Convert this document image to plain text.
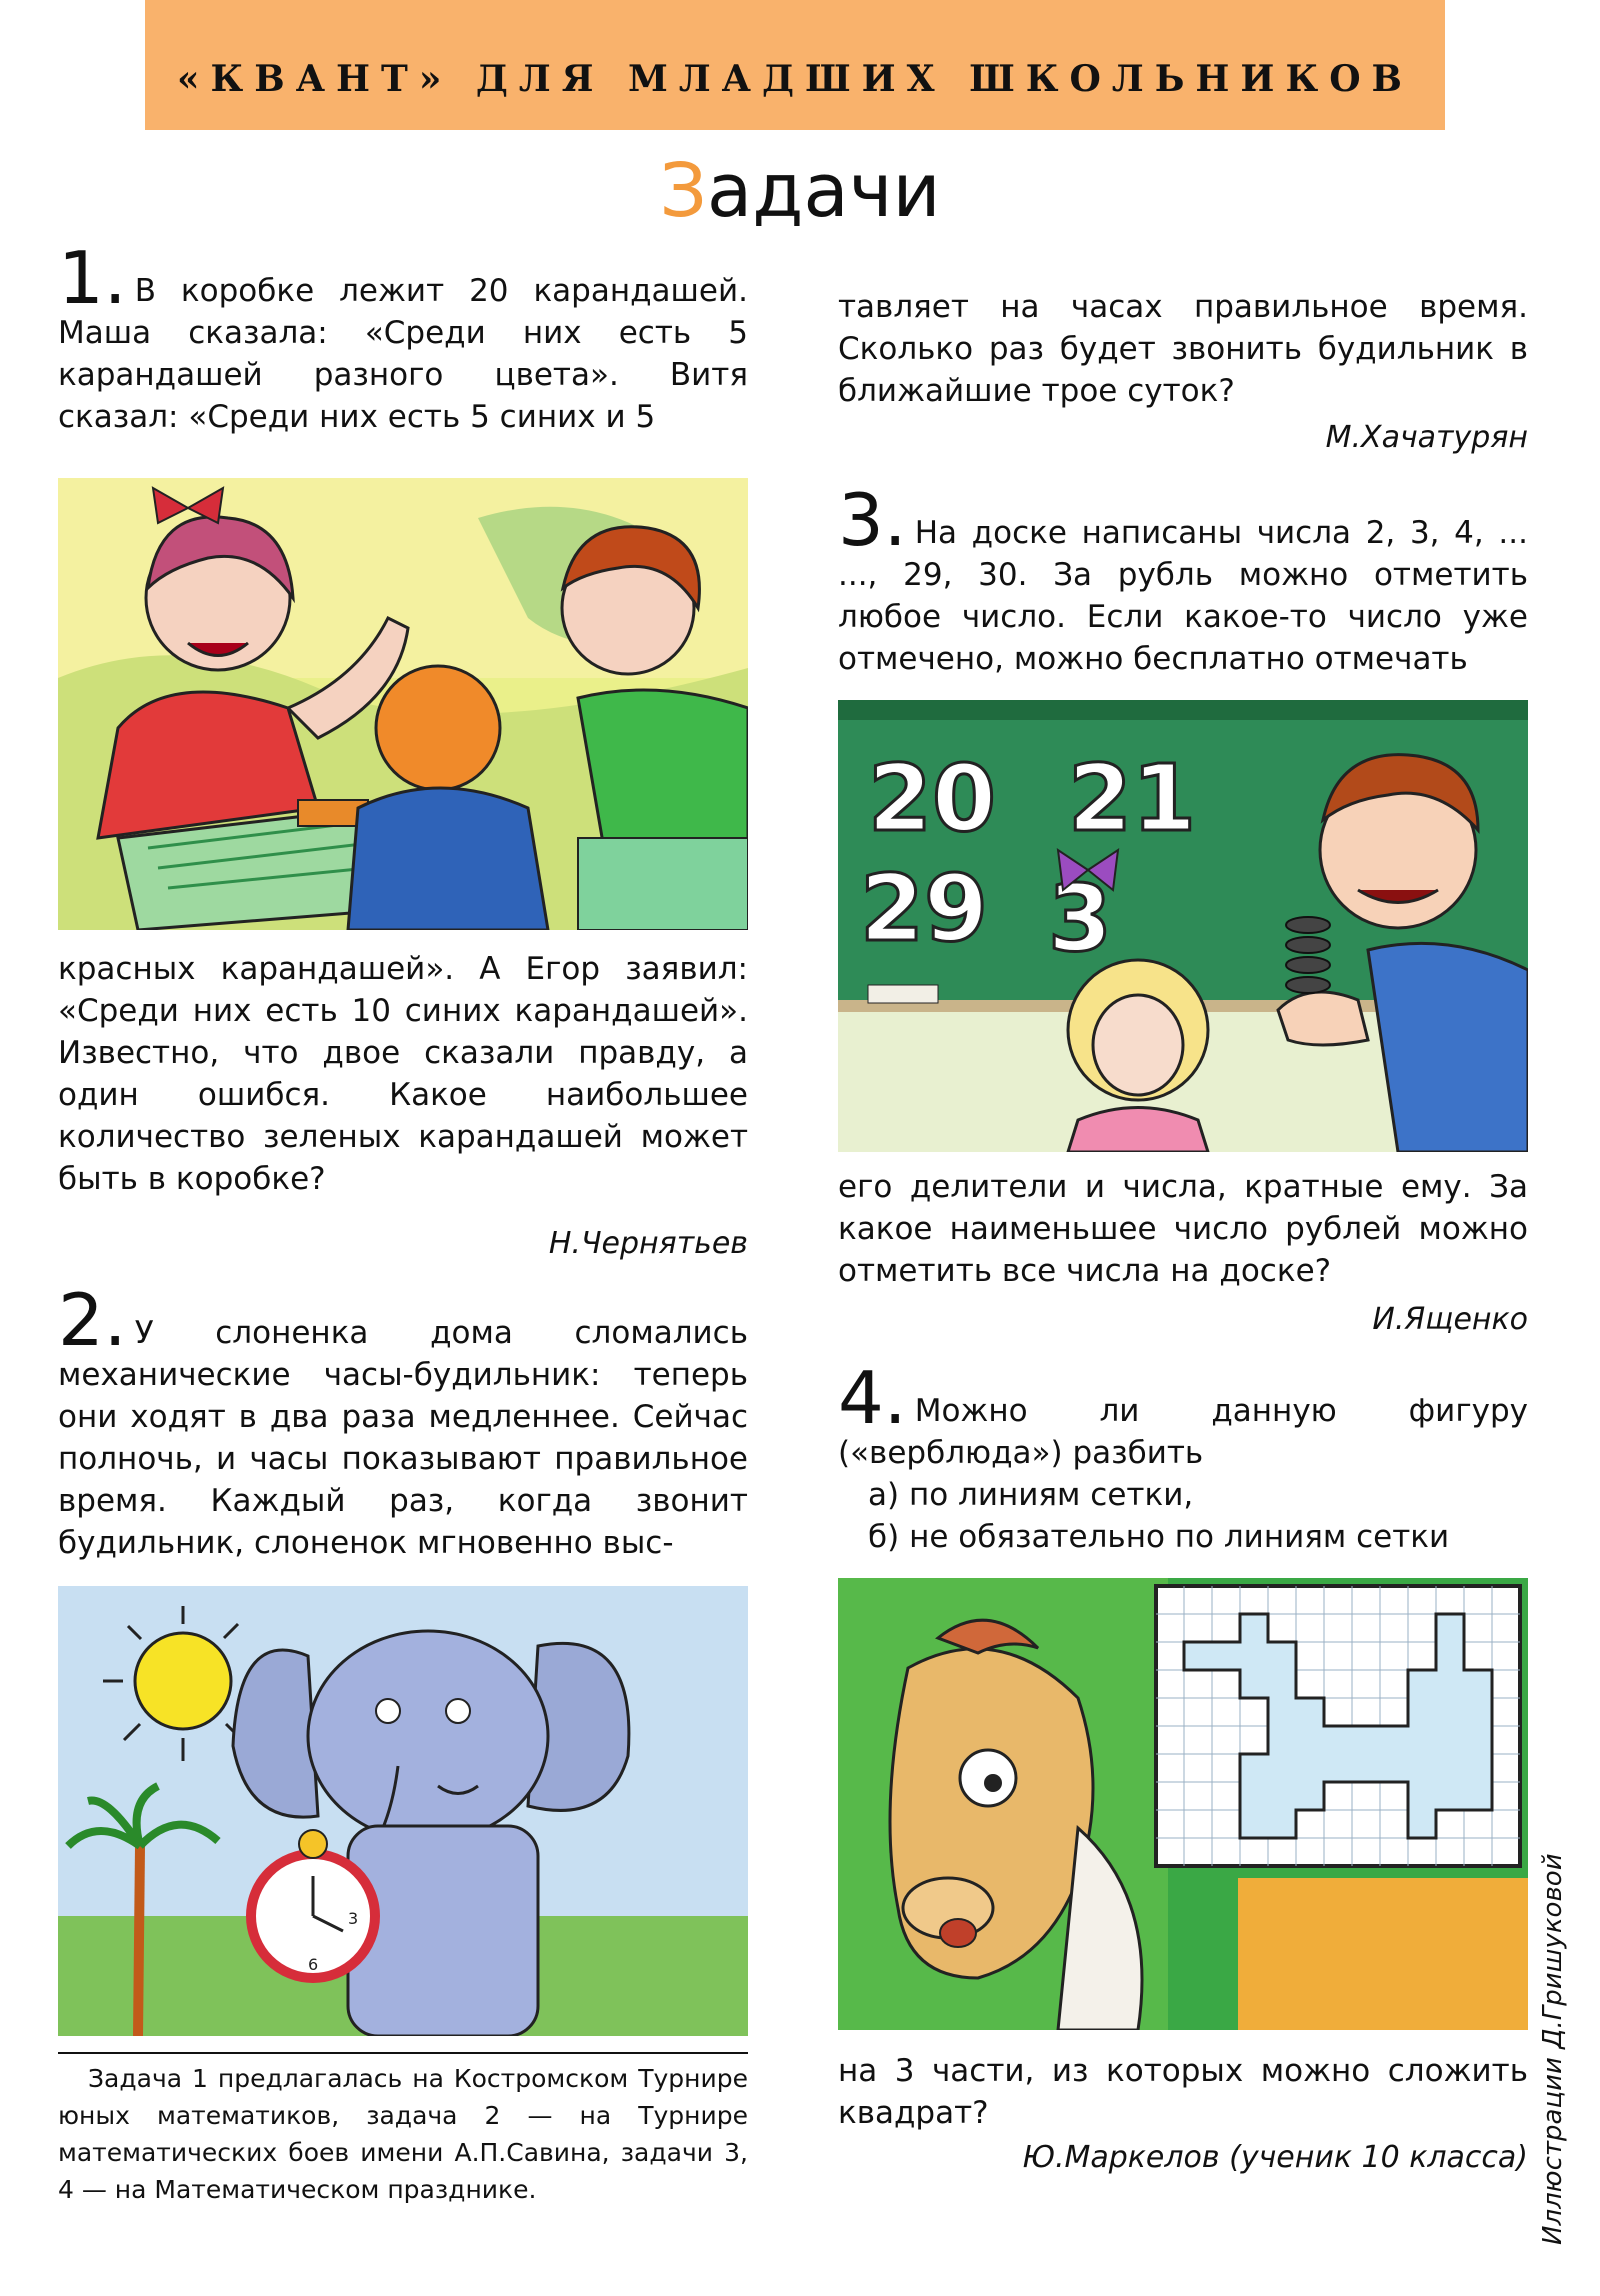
«КВАНТ» ДЛЯ МЛАДШИХ ШКОЛЬНИКОВ
Задачи
1. В коробке лежит 20 карандашей. Маша сказала: «Среди них есть 5 карандашей разного цвета». Витя сказал: «Среди них есть 5 синих и 5
красных карандашей». А Егор заявил: «Среди них есть 10 синих карандашей». Известно, что двое сказали правду, а один ошибся. Какое наибольшее количество зеленых карандашей может быть в коробке?
Н.Чернятьев
2. У слоненка дома сломались механические часы-будильник: теперь они ходят в два раза медленнее. Сейчас полночь, и часы показывают правильное время. Каждый раз, когда звонит будильник, слоненок мгновенно выс-
3
6
Задача 1 предлагалась на Костромском Турнире юных математиков, задача 2 — на Турнире математических боев имени А.П.Савина, задачи 3, 4 — на Математическом празднике.
тавляет на часах правильное время. Сколько раз будет звонить будильник в ближайшие трое суток?
М.Хачатурян
3. На доске написаны числа 2, 3, 4, ... ..., 29, 30. За рубль можно отметить любое число. Если какое-то число уже отмечено, можно бесплатно отмечать
20 21
29 3
его делители и числа, кратные ему. За какое наименьшее число рублей можно отметить все числа на доске?
И.Ященко
4. Можно ли данную фигуру («верблюда») разбить
а) по линиям сетки,
б) не обязательно по линиям сетки
на 3 части, из которых можно сложить квадрат?
Ю.Маркелов (ученик 10 класса) Иллюстрации Д.Гришуковой
